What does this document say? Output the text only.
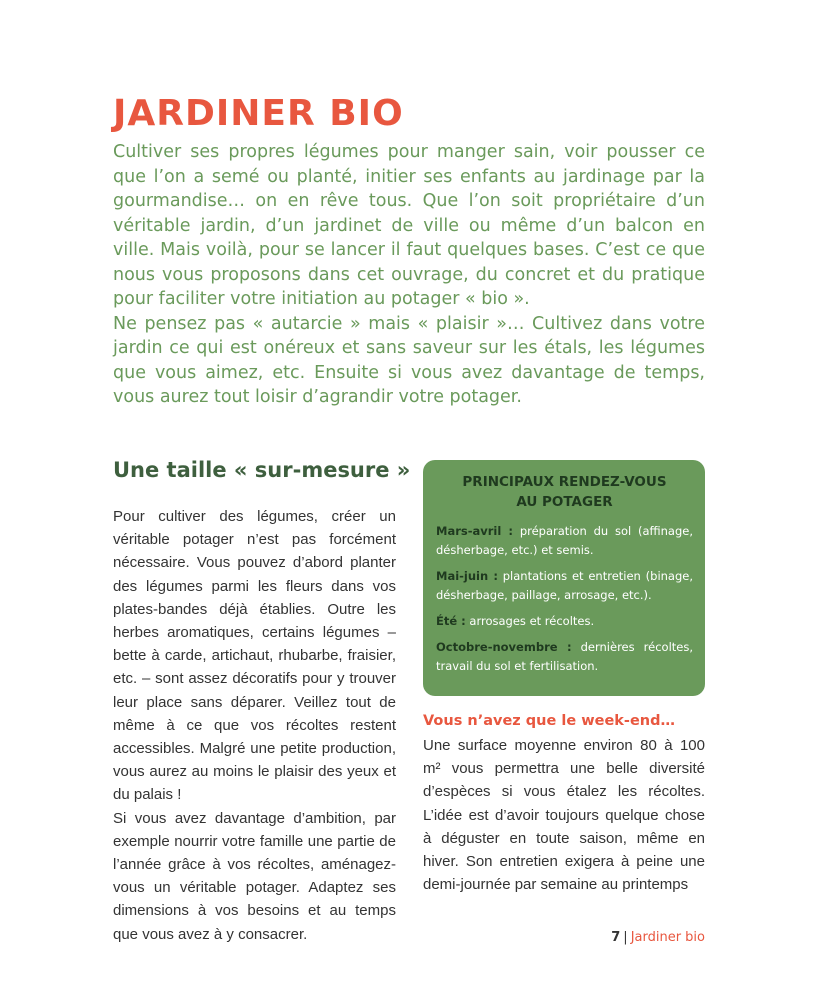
JARDINER BIO

Cultiver ses propres légumes pour manger sain, voir pousser ce que l’on a semé ou planté, initier ses enfants au jardinage par la gourmandise… on en rêve tous. Que l’on soit propriétaire d’un véritable jardin, d’un jardinet de ville ou même d’un balcon en ville. Mais voilà, pour se lancer il faut quelques bases. C’est ce que nous vous proposons dans cet ouvrage, du concret et du pratique pour faciliter votre initiation au potager « bio ».

Ne pensez pas « autarcie » mais « plaisir »… Cultivez dans votre jardin ce qui est onéreux et sans saveur sur les étals, les légumes que vous aimez, etc. Ensuite si vous avez davantage de temps, vous aurez tout loisir d’agrandir votre potager.

Une taille « sur-mesure »

Pour cultiver des légumes, créer un véritable potager n’est pas forcément nécessaire. Vous pouvez d’abord planter des légumes parmi les fleurs dans vos plates-bandes déjà établies. Outre les herbes aromatiques, certains légumes – bette à carde, artichaut, rhubarbe, fraisier, etc. – sont assez décoratifs pour y trouver leur place sans déparer. Veillez tout de même à ce que vos récoltes restent accessibles. Malgré une petite production, vous aurez au moins le plaisir des yeux et du palais !

Si vous avez davantage d’ambition, par exemple nourrir votre famille une partie de l’année grâce à vos récoltes, aménagez-vous un véritable potager. Adaptez ses dimensions à vos besoins et au temps que vous avez à y consacrer.

PRINCIPAUX RENDEZ-VOUS
AU POTAGER

Mars-avril : préparation du sol (affinage, désherbage, etc.) et semis.

Mai-juin : plantations et entretien (binage, désherbage, paillage, arrosage, etc.).

Été : arrosages et récoltes.

Octobre-novembre : dernières récoltes, travail du sol et fertilisation.

Vous n’avez que le week-end…

Une surface moyenne environ 80 à 100 m² vous permettra une belle diversité d’espèces si vous étalez les récoltes. L’idée est d’avoir toujours quelque chose à déguster en toute saison, même en hiver. Son entretien exigera à peine une demi-journée par semaine au printemps

7 | Jardiner bio
